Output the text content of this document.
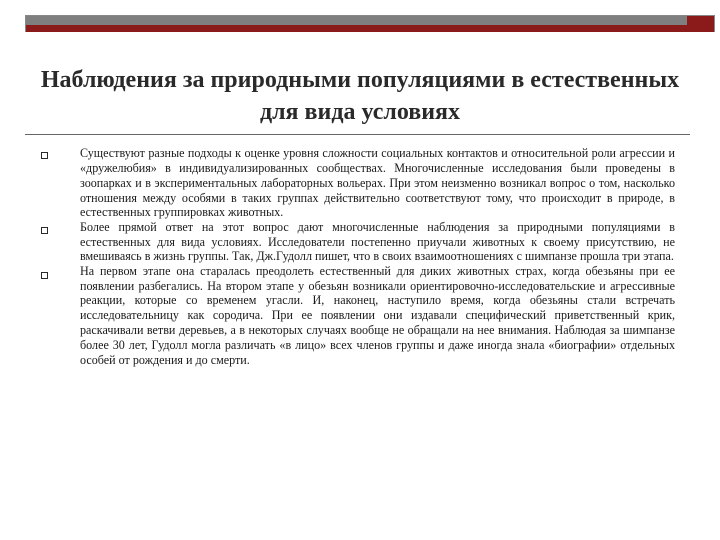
Наблюдения за природными популяциями в естественных для вида условиях
Существуют разные подходы к оценке уровня сложности социальных контактов и относительной роли агрессии и «дружелюбия» в индивидуализированных сообществах. Многочисленные исследования были проведены в зоопарках и в экспериментальных лабораторных вольерах. При этом неизменно возникал вопрос о том, насколько отношения между особями в таких группах действительно соответствуют тому, что происходит в природе, в естественных группировках животных.
Более прямой ответ на этот вопрос дают многочисленные наблюдения за природными популяциями в естественных для вида условиях. Исследователи постепенно приучали животных к своему присутствию, не вмешиваясь в жизнь группы. Так, Дж.Гудолл пишет, что в своих взаимоотношениях с шимпанзе прошла три этапа.
На первом этапе она старалась преодолеть естественный для диких животных страх, когда обезьяны при ее появлении разбегались. На втором этапе у обезьян возникали ориентировочно-исследовательские и агрессивные реакции, которые со временем угасли. И, наконец, наступило время, когда обезьяны стали встречать исследовательницу как сородича. При ее появлении они издавали специфический приветственный крик, раскачивали ветви деревьев, а в некоторых случаях вообще не обращали на нее внимания. Наблюдая за шимпанзе более 30 лет, Гудолл могла различать «в лицо» всех членов группы и даже иногда знала «биографии» отдельных особей от рождения и до смерти.
